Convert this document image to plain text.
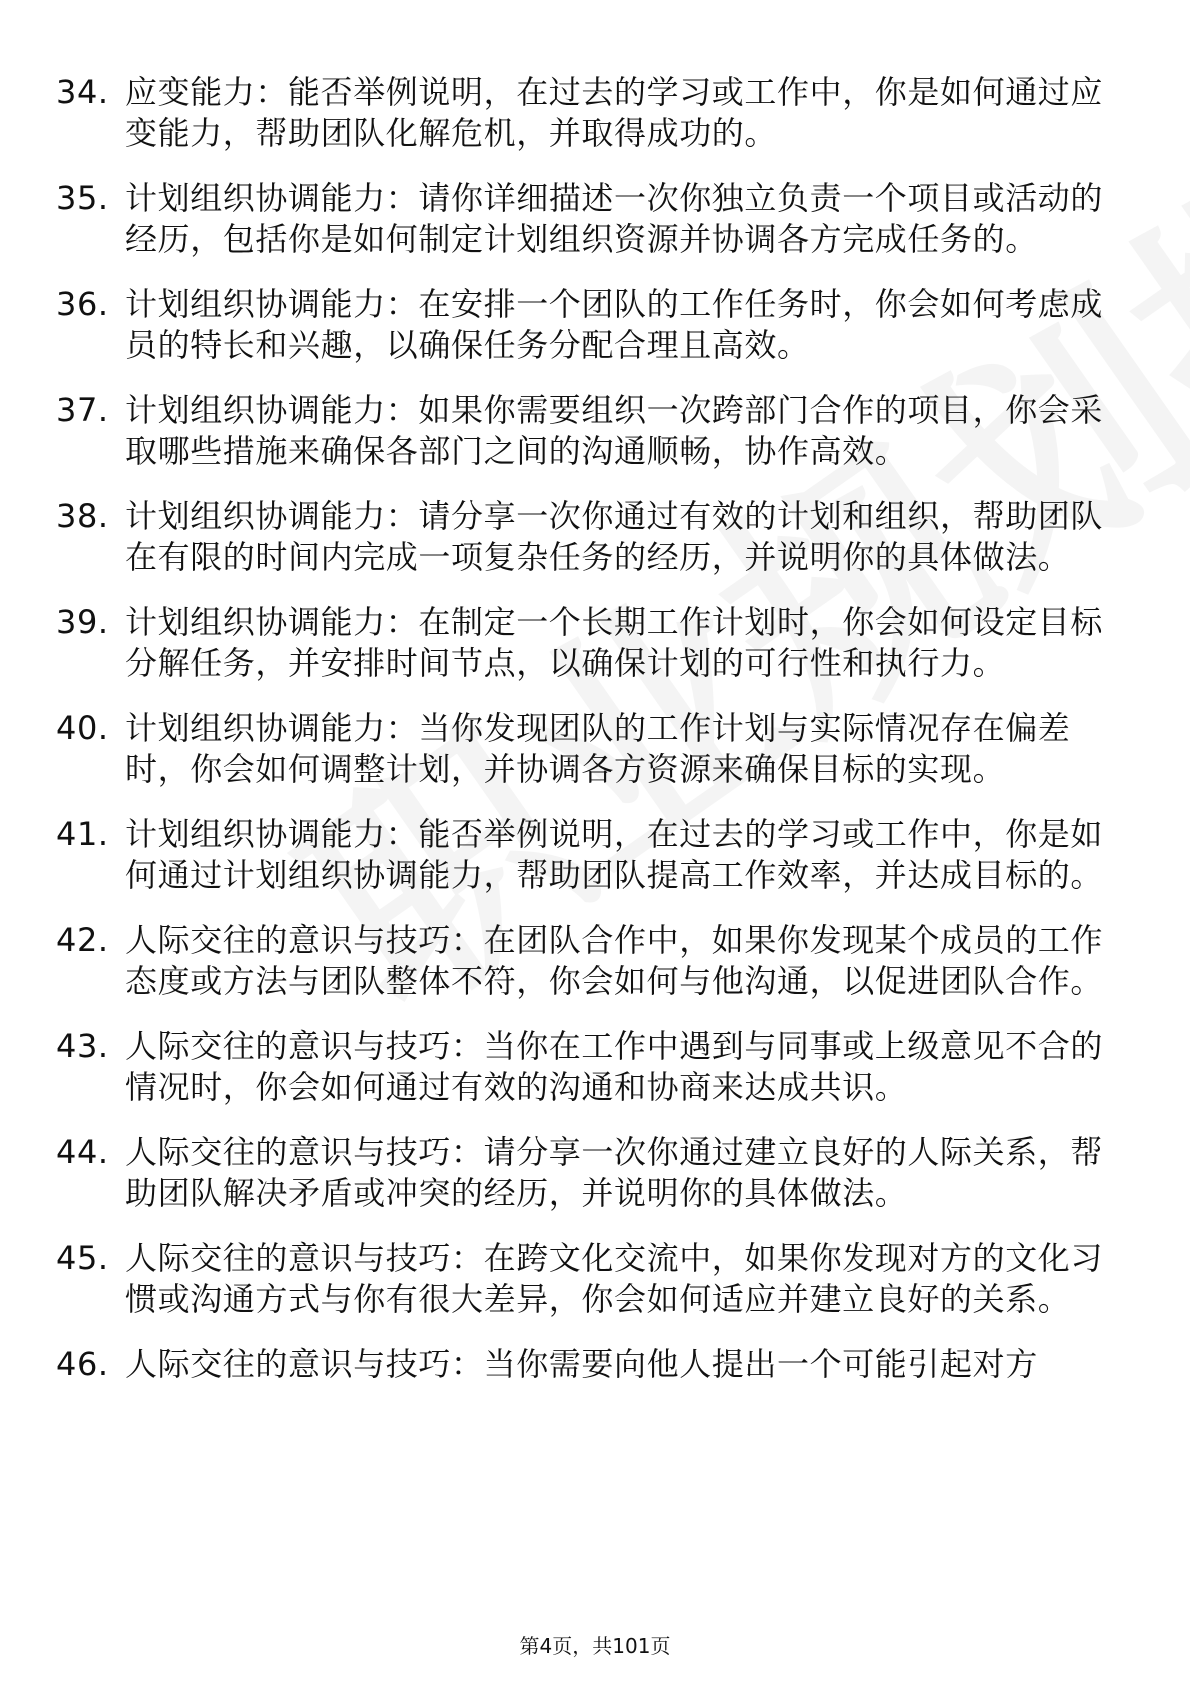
34. 应变能力：能否举例说明，在过去的学习或工作中，你是如何通过应变能力，帮助团队化解危机，并取得成功的。
35. 计划组织协调能力：请你详细描述一次你独立负责一个项目或活动的经历，包括你是如何制定计划组织资源并协调各方完成任务的。
36. 计划组织协调能力：在安排一个团队的工作任务时，你会如何考虑成员的特长和兴趣，以确保任务分配合理且高效。
37. 计划组织协调能力：如果你需要组织一次跨部门合作的项目，你会采取哪些措施来确保各部门之间的沟通顺畅，协作高效。
38. 计划组织协调能力：请分享一次你通过有效的计划和组织，帮助团队在有限的时间内完成一项复杂任务的经历，并说明你的具体做法。
39. 计划组织协调能力：在制定一个长期工作计划时，你会如何设定目标分解任务，并安排时间节点，以确保计划的可行性和执行力。
40. 计划组织协调能力：当你发现团队的工作计划与实际情况存在偏差时，你会如何调整计划，并协调各方资源来确保目标的实现。
41. 计划组织协调能力：能否举例说明，在过去的学习或工作中，你是如何通过计划组织协调能力，帮助团队提高工作效率，并达成目标的。
42. 人际交往的意识与技巧：在团队合作中，如果你发现某个成员的工作态度或方法与团队整体不符，你会如何与他沟通，以促进团队合作。
43. 人际交往的意识与技巧：当你在工作中遇到与同事或上级意见不合的情况时，你会如何通过有效的沟通和协商来达成共识。
44. 人际交往的意识与技巧：请分享一次你通过建立良好的人际关系，帮助团队解决矛盾或冲突的经历，并说明你的具体做法。
45. 人际交往的意识与技巧：在跨文化交流中，如果你发现对方的文化习惯或沟通方式与你有很大差异，你会如何适应并建立良好的关系。
46. 人际交往的意识与技巧：当你需要向他人提出一个可能引起对方
第4页，共101页
